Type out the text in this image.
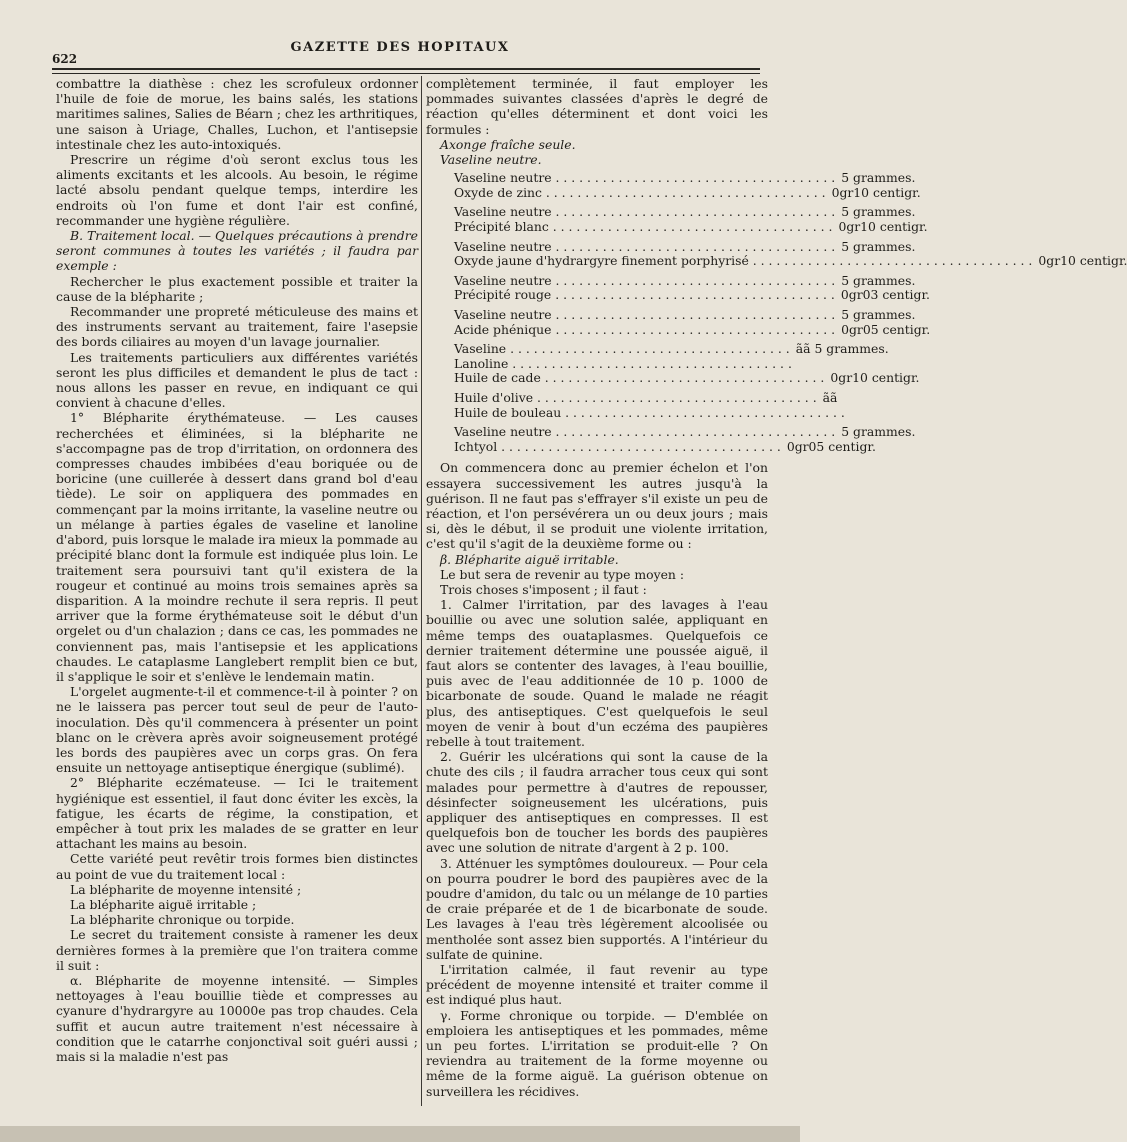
622
GAZETTE DES HOPITAUX

combattre la diathèse : chez les scrofuleux ordonner l'huile de foie de morue, les bains salés, les stations maritimes salines, Salies de Béarn ; chez les arthritiques, une saison à Uriage, Challes, Luchon, et l'antisepsie intestinale chez les auto-intoxiqués.

Prescrire un régime d'où seront exclus tous les aliments excitants et les alcools. Au besoin, le régime lacté absolu pendant quelque temps, interdire les endroits où l'on fume et dont l'air est confiné, recommander une hygiène régulière.

B. Traitement local. — Quelques précautions à prendre seront communes à toutes les variétés ; il faudra par exemple :

Rechercher le plus exactement possible et traiter la cause de la blépharite ;

Recommander une propreté méticuleuse des mains et des instruments servant au traitement, faire l'asepsie des bords ciliaires au moyen d'un lavage journalier.

Les traitements particuliers aux différentes variétés seront les plus difficiles et demandent le plus de tact : nous allons les passer en revue, en indiquant ce qui convient à chacune d'elles.

1° Blépharite érythémateuse. — Les causes recherchées et éliminées, si la blépharite ne s'accompagne pas de trop d'irritation, on ordonnera des compresses chaudes imbibées d'eau boriquée ou de boricine (une cuillerée à dessert dans grand bol d'eau tiède). Le soir on appliquera des pommades en commençant par la moins irritante, la vaseline neutre ou un mélange à parties égales de vaseline et lanoline d'abord, puis lorsque le malade ira mieux la pommade au précipité blanc dont la formule est indiquée plus loin. Le traitement sera poursuivi tant qu'il existera de la rougeur et continué au moins trois semaines après sa disparition. A la moindre rechute il sera repris. Il peut arriver que la forme érythémateuse soit le début d'un orgelet ou d'un chalazion ; dans ce cas, les pommades ne conviennent pas, mais l'antisepsie et les applications chaudes. Le cataplasme Langlebert remplit bien ce but, il s'applique le soir et s'enlève le lendemain matin.

L'orgelet augmente-t-il et commence-t-il à pointer ? on ne le laissera pas percer tout seul de peur de l'auto-inoculation. Dès qu'il commencera à présenter un point blanc on le crèvera après avoir soigneusement protégé les bords des paupières avec un corps gras. On fera ensuite un nettoyage antiseptique énergique (sublimé).

2° Blépharite eczémateuse. — Ici le traitement hygiénique est essentiel, il faut donc éviter les excès, la fatigue, les écarts de régime, la constipation, et empêcher à tout prix les malades de se gratter en leur attachant les mains au besoin.

Cette variété peut revêtir trois formes bien distinctes au point de vue du traitement local :

La blépharite de moyenne intensité ;

La blépharite aiguë irritable ;

La blépharite chronique ou torpide.

Le secret du traitement consiste à ramener les deux dernières formes à la première que l'on traitera comme il suit :

α. Blépharite de moyenne intensité. — Simples nettoyages à l'eau bouillie tiède et compresses au cyanure d'hydrargyre au 10000e pas trop chaudes. Cela suffit et aucun autre traitement n'est nécessaire à condition que le catarrhe conjonctival soit guéri aussi ; mais si la maladie n'est pas

complètement terminée, il faut employer les pommades suivantes classées d'après le degré de réaction qu'elles déterminent et dont voici les formules :

Axonge fraîche seule.

Vaseline neutre.

Vaseline neutre . . .	5 grammes.
Oxyde de zinc . . .	0gr10 centigr.
Vaseline neutre . . .	5 grammes.
Précipité blanc . . .	0gr10 centigr.
Vaseline neutre . . .	5 grammes.
Oxyde jaune d'hydrargyre finement porphyrisé . . .	0gr10 centigr.
Vaseline neutre . . .	5 grammes.
Précipité rouge . . .	0gr03 centigr.
Vaseline neutre . . .	5 grammes.
Acide phénique . . .	0gr05 centigr.
Vaseline . . .	ãã 5 grammes.
Lanoline . . .
Huile de cade . . .	0gr10 centigr.
Huile d'olive . . .	ãã
Huile de bouleau . . .
Vaseline neutre . . .	5 grammes.
Ichtyol . . .	0gr05 centigr.

On commencera donc au premier échelon et l'on essayera successivement les autres jusqu'à la guérison. Il ne faut pas s'effrayer s'il existe un peu de réaction, et l'on persévérera un ou deux jours ; mais si, dès le début, il se produit une violente irritation, c'est qu'il s'agit de la deuxième forme ou :

β. Blépharite aiguë irritable.

Le but sera de revenir au type moyen :

Trois choses s'imposent ; il faut :

1. Calmer l'irritation, par des lavages à l'eau bouillie ou avec une solution salée, appliquant en même temps des ouataplasmes. Quelquefois ce dernier traitement détermine une poussée aiguë, il faut alors se contenter des lavages, à l'eau bouillie, puis avec de l'eau additionnée de 10 p. 1000 de bicarbonate de soude. Quand le malade ne réagit plus, des antiseptiques. C'est quelquefois le seul moyen de venir à bout d'un eczéma des paupières rebelle à tout traitement.

2. Guérir les ulcérations qui sont la cause de la chute des cils ; il faudra arracher tous ceux qui sont malades pour permettre à d'autres de repousser, désinfecter soigneusement les ulcérations, puis appliquer des antiseptiques en compresses. Il est quelquefois bon de toucher les bords des paupières avec une solution de nitrate d'argent à 2 p. 100.

3. Atténuer les symptômes douloureux. — Pour cela on pourra poudrer le bord des paupières avec de la poudre d'amidon, du talc ou un mélange de 10 parties de craie préparée et de 1 de bicarbonate de soude. Les lavages à l'eau très légèrement alcoolisée ou mentholée sont assez bien supportés. A l'intérieur du sulfate de quinine.

L'irritation calmée, il faut revenir au type précédent de moyenne intensité et traiter comme il est indiqué plus haut.

γ. Forme chronique ou torpide. — D'emblée on emploiera les antiseptiques et les pommades, même un peu fortes. L'irritation se produit-elle ? On reviendra au traitement de la forme moyenne ou même de la forme aiguë. La guérison obtenue on surveillera les récidives.
